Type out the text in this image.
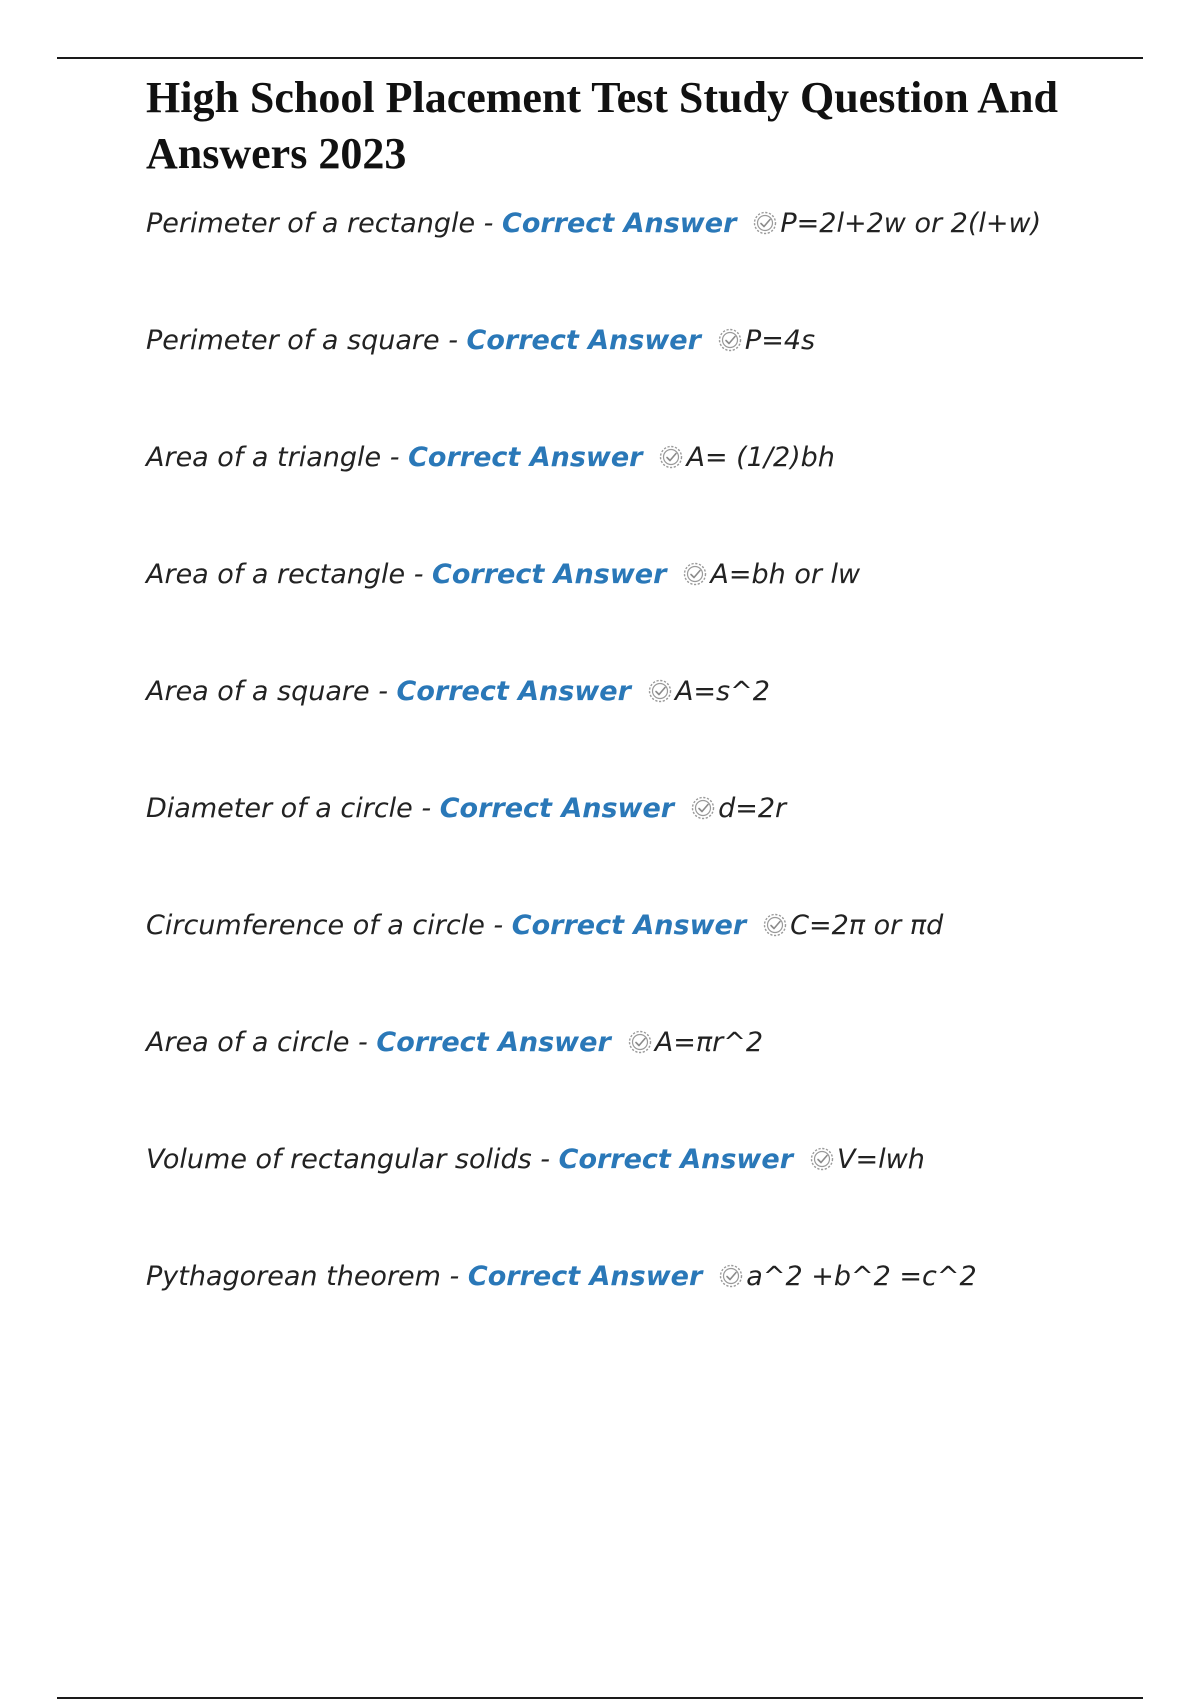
High School Placement Test Study Question And Answers 2023
Perimeter of a rectangle - Correct Answer P=2l+2w or 2(l+w)
Perimeter of a square - Correct Answer P=4s
Area of a triangle - Correct Answer A= (1/2)bh
Area of a rectangle - Correct Answer A=bh or lw
Area of a square - Correct Answer A=s^2
Diameter of a circle - Correct Answer d=2r
Circumference of a circle - Correct Answer C=2π or πd
Area of a circle - Correct Answer A=πr^2
Volume of rectangular solids - Correct Answer V=lwh
Pythagorean theorem - Correct Answer a^2 +b^2 =c^2
